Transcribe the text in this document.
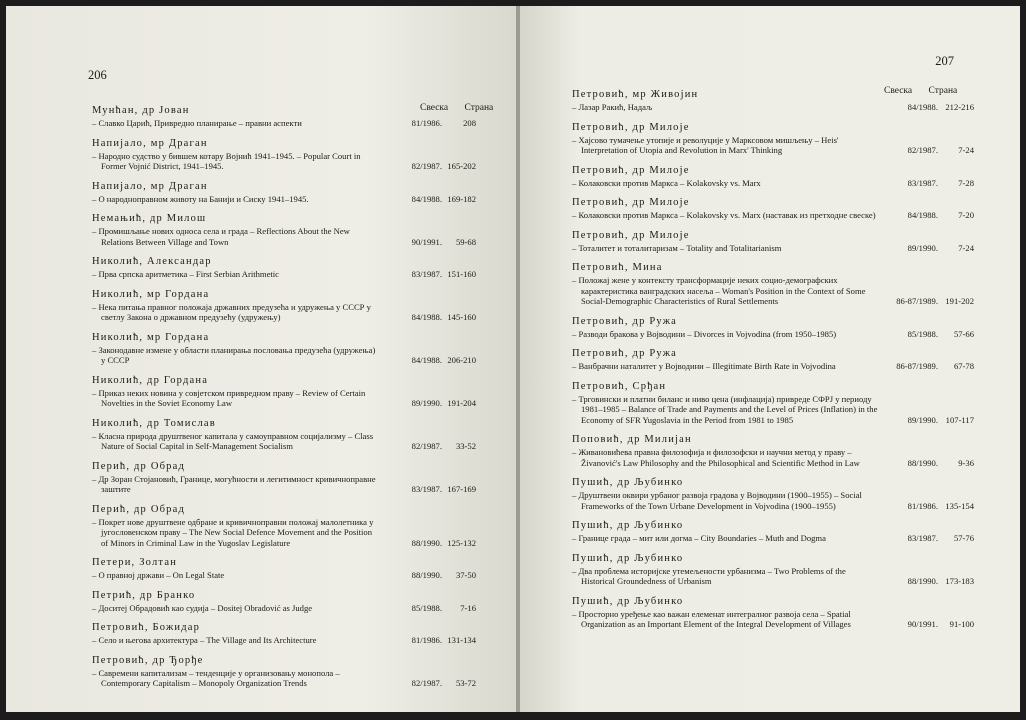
206
Свеска Страна
Мунћан, др Јован
– Славко Царић, Привредно планирање – правни аспекти	81/1986. 208
Напијало, мр Драган
– Народно судство у бившем котару Војнић 1941–1945. – Popular Court in Former Vojnić District, 1941–1945.	82/1987. 165-202
Напијало, мр Драган
– О народноправном животу на Банији и Сиску 1941–1945.	84/1988. 169-182
Немањић, др Милош
– Промишљање нових односа села и града – Reflections About the New Relations Between Village and Town	90/1991. 59-68
Николић, Александар
– Прва српска аритметика – First Serbian Arithmetic	83/1987. 151-160
Николић, мр Гордана
– Нека питања правног положаја државних предузећа и удружења у СССР у светлу Закона о државном предузећу (удружењу)	84/1988. 145-160
Николић, мр Гордана
– Законодавне измене у области планирања пословања предузећа (удружења) у СССР	84/1988. 206-210
Николић, др Гордана
– Приказ неких новина у совјетском привредном праву – Review of Certain Novelties in the Soviet Economy Law	89/1990. 191-204
Николић, др Томислав
– Класна природа друштвеног капитала у самоуправном социјализму – Class Nature of Social Capital in Self-Management Socialism	82/1987. 33-52
Перић, др Обрад
– Др Зоран Стојановић, Границе, могућности и легитимност кривичноправне заштите	83/1987. 167-169
Перић, др Обрад
– Покрет нове друштвене одбране и кривичноправни положај малолетника у југословенском праву – The New Social Defence Movement and the Position of Minors in Criminal Law in the Yugoslav Legislature	88/1990. 125-132
Петери, Золтан
– О правној држави – On Legal State	88/1990. 37-50
Петрић, др Бранко
– Доситеј Обрадовић као судија – Dositej Obradović as Judge	85/1988. 7-16
Петровић, Божидар
– Село и његова архитектура – The Village and Its Architecture	81/1986. 131-134
Петровић, др Ђорђе
– Савремени капитализам – тенденције у организовању монопола – Contemporary Capitalism – Monopoly Organization Trends	82/1987. 53-72
207
Свеска Страна
Петровић, мр Живојин
– Лазар Ракић, Надаљ	84/1988. 212-216
Петровић, др Милоје
– Хајсово тумачење утопије и револуције у Марксовом мишљењу – Heis' Interpretation of Utopia and Revolution in Marx' Thinking	82/1987. 7-24
Петровић, др Милоје
– Колаковски против Маркса – Kolakovsky vs. Marx	83/1987. 7-28
Петровић, др Милоје
– Колаковски против Маркса – Kolakovsky vs. Marx (наставак из претходне свеске)	84/1988. 7-20
Петровић, др Милоје
– Тоталитет и тоталитаризам – Totality and Totalitarianism	89/1990. 7-24
Петровић, Мина
– Положај жене у контексту трансформације неких социо-демографских карактеристика ванградских насеља – Woman's Position in the Context of Some Social-Demographic Characteristics of Rural Settlements	86-87/1989. 191-202
Петровић, др Ружа
– Разводи бракова у Војводини – Divorces in Vojvodina (from 1950–1985)	85/1988. 57-66
Петровић, др Ружа
– Ванбрачни наталитет у Војводини – Illegitimate Birth Rate in Vojvodina	86-87/1989. 67-78
Петровић, Срђан
– Трговински и платни биланс и ниво цена (инфлација) привреде СФРЈ у периоду 1981–1985 – Balance of Trade and Payments and the Level of Prices (Inflation) in the Economy of SFR Yugoslavia in the Period from 1981 to 1985	89/1990. 107-117
Поповић, др Милијан
– Живановићева правна филозофија и филозофски и научни метод у праву – Živanović's Law Philosophy and the Philosophical and Scientific Method in Law	88/1990. 9-36
Пушић, др Љубинко
– Друштвени оквири урбаног развоја градова у Војводини (1900–1955) – Social Frameworks of the Town Urbane Development in Vojvodina (1900–1955)	81/1986. 135-154
Пушић, др Љубинко
– Границе града – мит или догма – City Boundaries – Muth and Dogma	83/1987. 57-76
Пушић, др Љубинко
– Два проблема историјске утемељености урбанизма – Two Problems of the Historical Groundedness of Urbanism	88/1990. 173-183
Пушић, др Љубинко
– Просторно уређење као важан елеменат интегралног развоја села – Spatial Organization as an Important Element of the Integral Development of Villages	90/1991. 91-100
